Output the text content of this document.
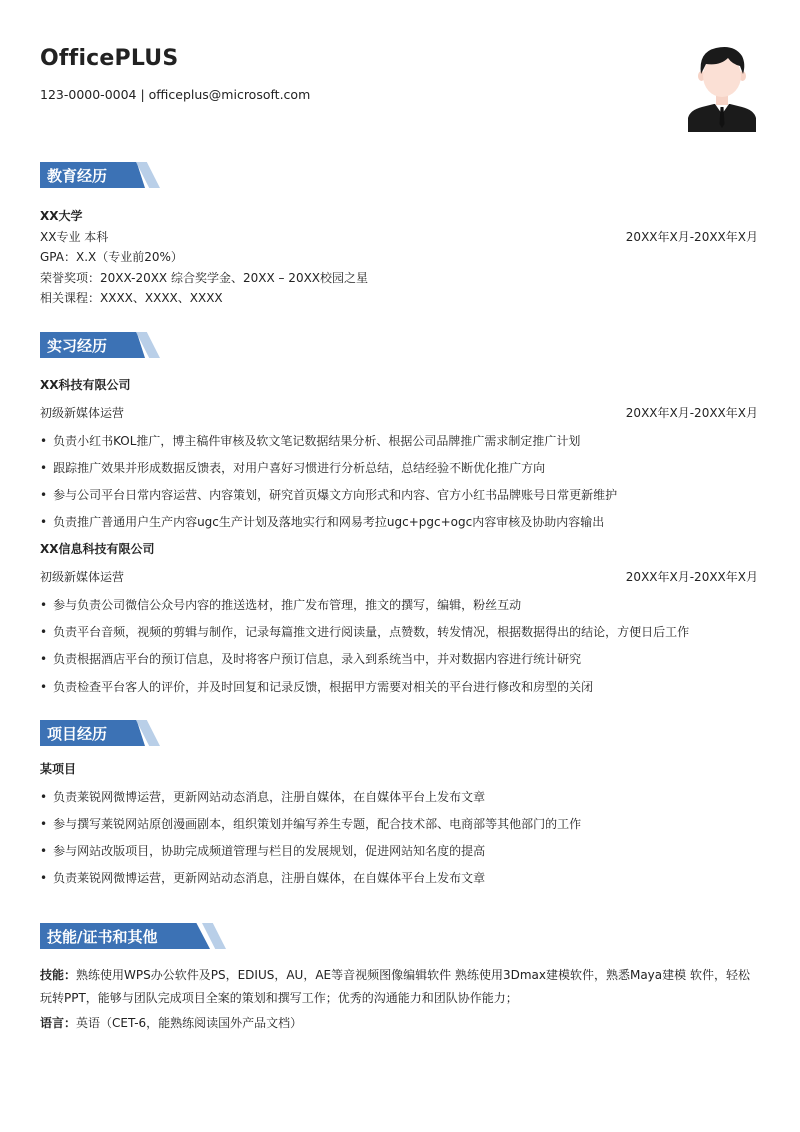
OfficePLUS
123-0000-0004 | officeplus@microsoft.com
教育经历
XX大学
XX专业 本科	20XX年X月-20XX年X月
GPA：X.X（专业前20%）
荣誉奖项：20XX-20XX 综合奖学金、20XX – 20XX校园之星
相关课程：XXXX、XXXX、XXXX
实习经历
XX科技有限公司
初级新媒体运营	20XX年X月-20XX年X月
• 负责小红书KOL推广，博主稿件审核及软文笔记数据结果分析、根据公司品牌推广需求制定推广计划
• 跟踪推广效果并形成数据反馈表，对用户喜好习惯进行分析总结，总结经验不断优化推广方向
• 参与公司平台日常内容运营、内容策划，研究首页爆文方向形式和内容、官方小红书品牌账号日常更新维护
• 负责推广普通用户生产内容ugc生产计划及落地实行和网易考拉ugc+pgc+ogc内容审核及协助内容输出
XX信息科技有限公司
初级新媒体运营	20XX年X月-20XX年X月
• 参与负责公司微信公众号内容的推送选材，推广发布管理，推文的撰写，编辑，粉丝互动
• 负责平台音频，视频的剪辑与制作，记录每篇推文进行阅读量，点赞数，转发情况，根据数据得出的结论，方便日后工作
• 负责根据酒店平台的预订信息，及时将客户预订信息，录入到系统当中，并对数据内容进行统计研究
• 负责检查平台客人的评价，并及时回复和记录反馈，根据甲方需要对相关的平台进行修改和房型的关闭
项目经历
某项目
• 负责莱锐网微博运营，更新网站动态消息，注册自媒体，在自媒体平台上发布文章
• 参与撰写莱锐网站原创漫画剧本，组织策划并编写养生专题，配合技术部、电商部等其他部门的工作
• 参与网站改版项目，协助完成频道管理与栏目的发展规划，促进网站知名度的提高
• 负责莱锐网微博运营，更新网站动态消息，注册自媒体，在自媒体平台上发布文章
技能/证书和其他
技能：熟练使用WPS办公软件及PS，EDIUS，AU，AE等音视频图像编辑软件 熟练使用3Dmax建模软件，熟悉Maya建模 软件，轻松玩转PPT，能够与团队完成项目全案的策划和撰写工作；优秀的沟通能力和团队协作能力；
语言：英语（CET-6，能熟练阅读国外产品文档）
